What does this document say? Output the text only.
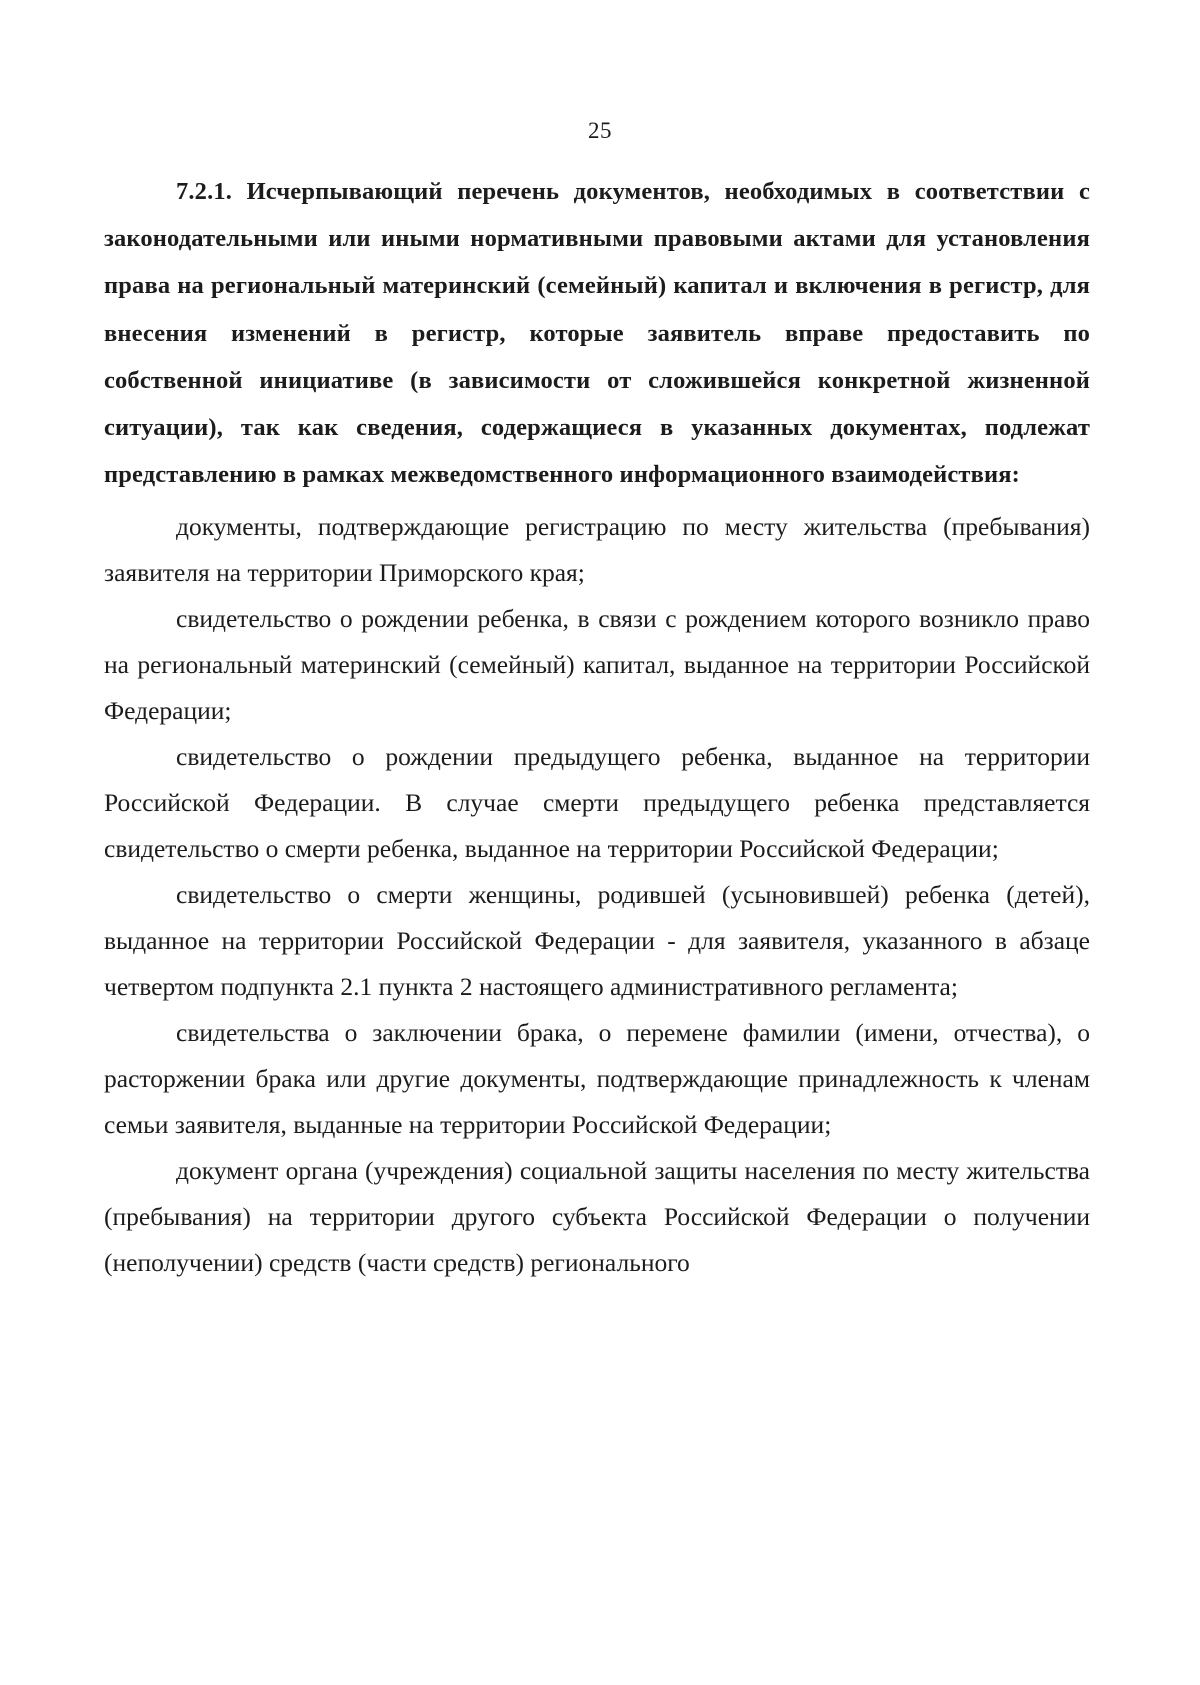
25

7.2.1. Исчерпывающий перечень документов, необходимых в соответствии с законодательными или иными нормативными правовыми актами для установления права на региональный материнский (семейный) капитал и включения в регистр, для внесения изменений в регистр, которые заявитель вправе предоставить по собственной инициативе (в зависимости от сложившейся конкретной жизненной ситуации), так как сведения, содержащиеся в указанных документах, подлежат представлению в рамках межведомственного информационного взаимодействия:

документы, подтверждающие регистрацию по месту жительства (пребывания) заявителя на территории Приморского края;

свидетельство о рождении ребенка, в связи с рождением которого возникло право на региональный материнский (семейный) капитал, выданное на территории Российской Федерации;

свидетельство о рождении предыдущего ребенка, выданное на территории Российской Федерации. В случае смерти предыдущего ребенка представляется свидетельство о смерти ребенка, выданное на территории Российской Федерации;

свидетельство о смерти женщины, родившей (усыновившей) ребенка (детей), выданное на территории Российской Федерации - для заявителя, указанного в абзаце четвертом подпункта 2.1 пункта 2 настоящего административного регламента;

свидетельства о заключении брака, о перемене фамилии (имени, отчества), о расторжении брака или другие документы, подтверждающие принадлежность к членам семьи заявителя, выданные на территории Российской Федерации;

документ органа (учреждения) социальной защиты населения по месту жительства (пребывания) на территории другого субъекта Российской Федерации о получении (неполучении) средств (части средств) регионального
